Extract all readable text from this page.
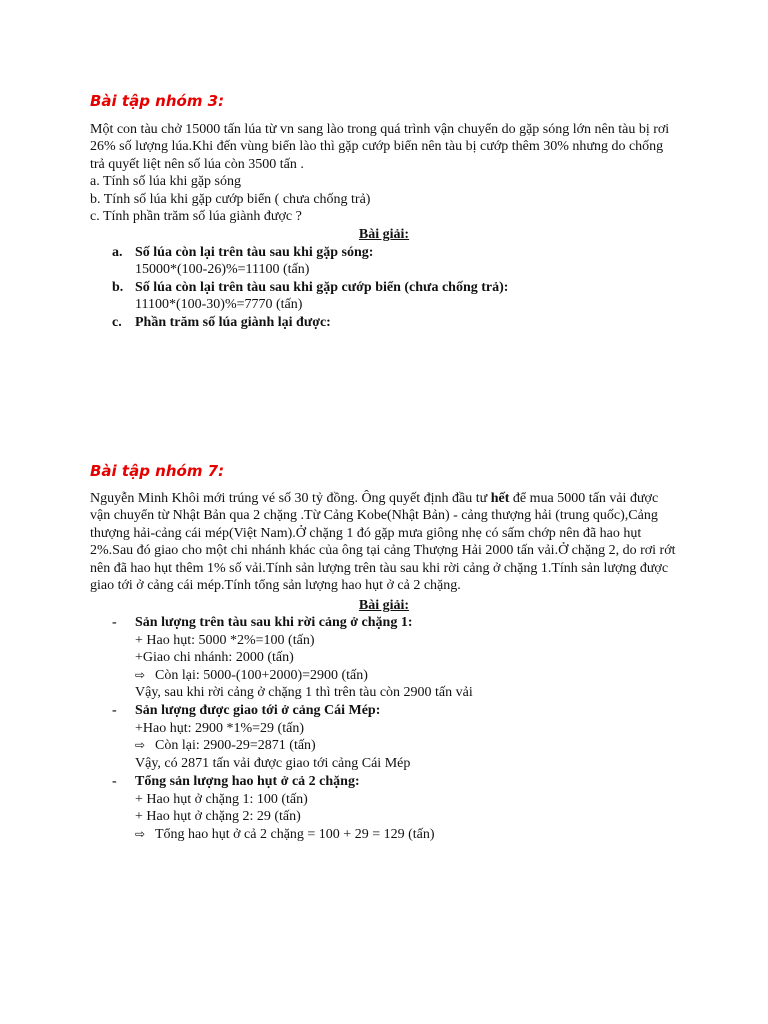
Bài tập nhóm 3:

Một con tàu chở 15000 tấn lúa từ vn sang lào trong quá trình vận chuyển do gặp sóng lớn nên tàu bị rơi 26% số lượng lúa.Khi đến vùng biển lào thì gặp cướp biển nên tàu bị cướp thêm 30% nhưng do chống trả quyết liệt nên số lúa còn 3500 tấn .

a. Tính số lúa khi gặp sóng
b. Tính số lúa khi gặp cướp biển ( chưa chống trả)
c. Tính phần trăm số lúa giành được ?
Bài giải:
a. Số lúa còn lại trên tàu sau khi gặp sóng:
15000*(100-26)%=11100 (tấn)
b. Số lúa còn lại trên tàu sau khi gặp cướp biển (chưa chống trả):
11100*(100-30)%=7770 (tấn)
c. Phần trăm số lúa giành lại được:
Bài tập nhóm 7:

Nguyễn Minh Khôi mới trúng vé số 30 tỷ đồng. Ông quyết định đầu tư hết để mua 5000 tấn vải được vận chuyển từ Nhật Bản qua 2 chặng .Từ Cảng Kobe(Nhật Bản) - cảng thượng hải (trung quốc),Cảng thượng hải-cảng cái mép(Việt Nam).Ở chặng 1 đó gặp mưa giông nhẹ có sấm chớp nên đã hao hụt 2%.Sau đó giao cho một chi nhánh khác của ông tại cảng Thượng Hải 2000 tấn vải.Ở chặng 2, do rơi rớt nên đã hao hụt thêm 1% số vải.Tính sản lượng trên tàu sau khi rời cảng ở chặng 1.Tính sản lượng được giao tới ở cảng cái mép.Tính tổng sản lượng hao hụt ở cả 2 chặng.

Bài giải:
- Sản lượng trên tàu sau khi rời cảng ở chặng 1:
+ Hao hụt: 5000 *2%=100 (tấn)
+Giao chi nhánh: 2000 (tấn)
⇨ Còn lại: 5000-(100+2000)=2900 (tấn)
Vậy, sau khi rời cảng ở chặng 1 thì trên tàu còn 2900 tấn vải
- Sản lượng được giao tới ở cảng Cái Mép:
+Hao hụt: 2900 *1%=29 (tấn)
⇨ Còn lại: 2900-29=2871 (tấn)
Vậy, có 2871 tấn vải được giao tới cảng Cái Mép
- Tổng sản lượng hao hụt ở cả 2 chặng:
+ Hao hụt ở chặng 1: 100 (tấn)
+ Hao hụt ở chặng 2: 29 (tấn)
⇨ Tổng hao hụt ở cả 2 chặng = 100 + 29 = 129 (tấn)
